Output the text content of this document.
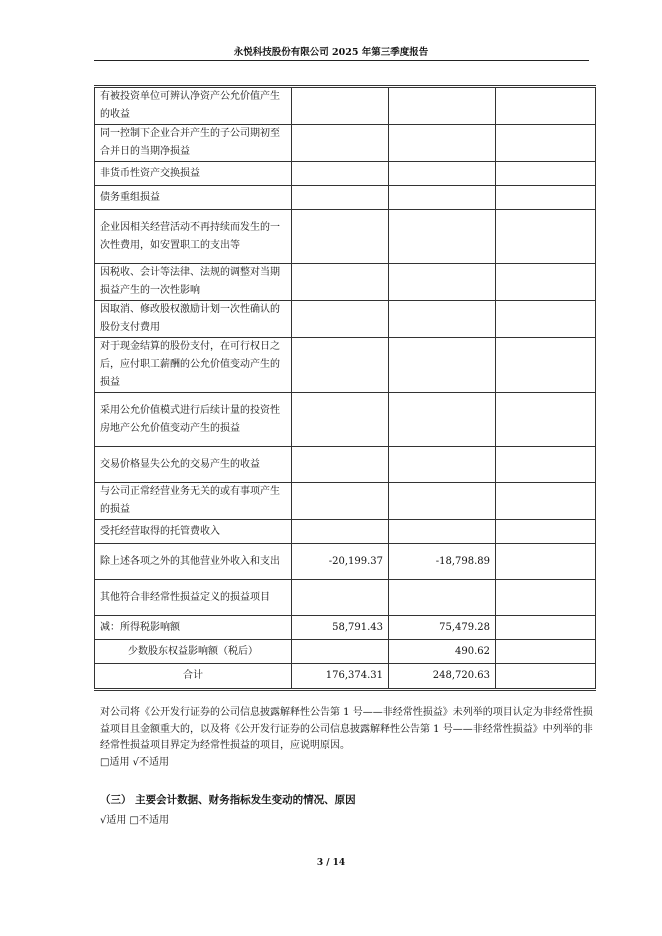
永悦科技股份有限公司 2025 年第三季度报告
有被投资单位可辨认净资产公允价值产生的收益			
同一控制下企业合并产生的子公司期初至合并日的当期净损益			
非货币性资产交换损益			
债务重组损益			
企业因相关经营活动不再持续而发生的一次性费用，如安置职工的支出等			
因税收、会计等法律、法规的调整对当期损益产生的一次性影响			
因取消、修改股权激励计划一次性确认的股份支付费用			
对于现金结算的股份支付，在可行权日之后，应付职工薪酬的公允价值变动产生的损益			
采用公允价值模式进行后续计量的投资性房地产公允价值变动产生的损益			
交易价格显失公允的交易产生的收益			
与公司正常经营业务无关的或有事项产生的损益			
受托经营取得的托管费收入			
除上述各项之外的其他营业外收入和支出	-20,199.37	-18,798.89	
其他符合非经常性损益定义的损益项目			
减：所得税影响额	58,791.43	75,479.28	
少数股东权益影响额（税后）		490.62	
合计	176,374.31	248,720.63	
对公司将《公开发行证券的公司信息披露解释性公告第 1 号——非经常性损益》未列举的项目认定为非经常性损益项目且金额重大的，以及将《公开发行证券的公司信息披露解释性公告第 1 号——非经常性损益》中列举的非经常性损益项目界定为经常性损益的项目，应说明原因。
□适用 √不适用
（三） 主要会计数据、财务指标发生变动的情况、原因
√适用 □不适用
3 / 14
